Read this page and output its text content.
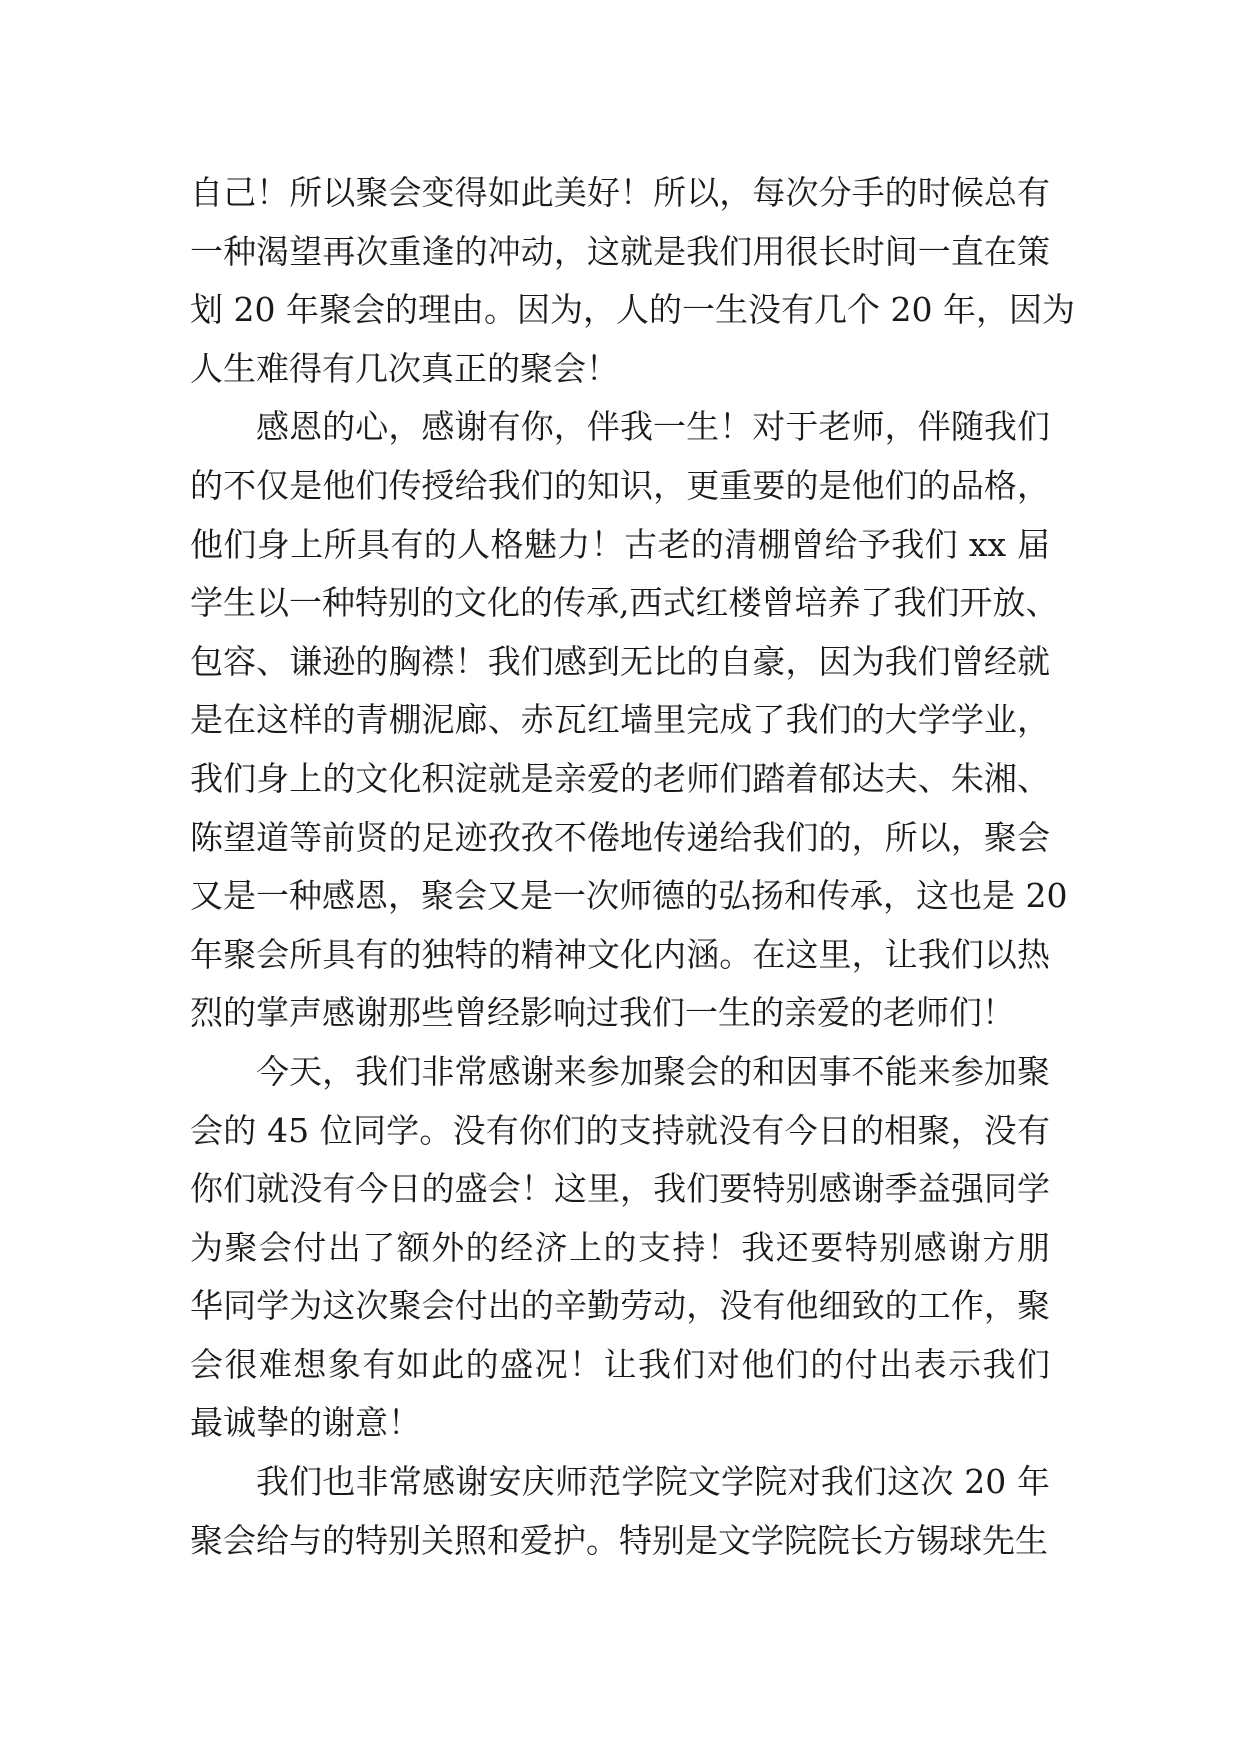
自己！所以聚会变得如此美好！所以，每次分手的时候总有
一种渴望再次重逢的冲动，这就是我们用很长时间一直在策
划 20 年聚会的理由。因为，人的一生没有几个 20 年，因为
人生难得有几次真正的聚会！
感恩的心，感谢有你，伴我一生！对于老师，伴随我们
的不仅是他们传授给我们的知识，更重要的是他们的品格，
他们身上所具有的人格魅力！古老的清棚曾给予我们 xx 届
学生以一种特别的文化的传承,西式红楼曾培养了我们开放、
包容、谦逊的胸襟！我们感到无比的自豪，因为我们曾经就
是在这样的青棚泥廊、赤瓦红墙里完成了我们的大学学业，
我们身上的文化积淀就是亲爱的老师们踏着郁达夫、朱湘、
陈望道等前贤的足迹孜孜不倦地传递给我们的，所以，聚会
又是一种感恩，聚会又是一次师德的弘扬和传承，这也是 20
年聚会所具有的独特的精神文化内涵。在这里，让我们以热
烈的掌声感谢那些曾经影响过我们一生的亲爱的老师们！
今天，我们非常感谢来参加聚会的和因事不能来参加聚
会的 45 位同学。没有你们的支持就没有今日的相聚，没有
你们就没有今日的盛会！这里，我们要特别感谢季益强同学
为聚会付出了额外的经济上的支持！我还要特别感谢方朋
华同学为这次聚会付出的辛勤劳动，没有他细致的工作，聚
会很难想象有如此的盛况！让我们对他们的付出表示我们
最诚挚的谢意！
我们也非常感谢安庆师范学院文学院对我们这次 20 年
聚会给与的特别关照和爱护。特别是文学院院长方锡球先生
